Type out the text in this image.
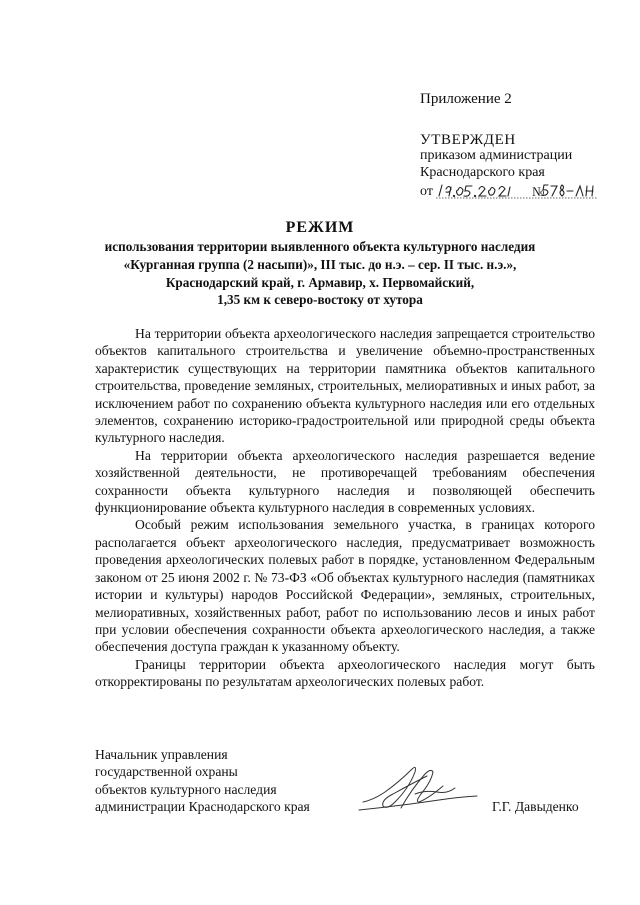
Приложение 2
УТВЕРЖДЕН
приказом администрации
Краснодарского края
от	№
РЕЖИМ
использования территории выявленного объекта культурного наследия
«Курганная группа (2 насыпи)», III тыс. до н.э. – сер. II тыс. н.э.»,
Краснодарский край, г. Армавир, х. Первомайский,
1,35 км к северо-востоку от хутора

На территории объекта археологического наследия запрещается строительство объектов капитального строительства и увеличение объемно-пространственных характеристик существующих на территории памятника объектов капитального строительства, проведение земляных, строительных, мелиоративных и иных работ, за исключением работ по сохранению объекта культурного наследия или его отдельных элементов, сохранению историко-градостроительной или природной среды объекта культурного наследия.

На территории объекта археологического наследия разрешается ведение хозяйственной деятельности, не противоречащей требованиям обеспечения сохранности объекта культурного наследия и позволяющей обеспечить функционирование объекта культурного наследия в современных условиях.

Особый режим использования земельного участка, в границах которого располагается объект археологического наследия, предусматривает возможность проведения археологических полевых работ в порядке, установленном Федеральным законом от 25 июня 2002 г. № 73-ФЗ «Об объектах культурного наследия (памятниках истории и культуры) народов Российской Федерации», земляных, строительных, мелиоративных, хозяйственных работ, работ по использованию лесов и иных работ при условии обеспечения сохранности объекта археологического наследия, а также обеспечения доступа граждан к указанному объекту.

Границы территории объекта археологического наследия могут быть откорректированы по результатам археологических полевых работ.

Начальник управления
государственной охраны
объектов культурного наследия
администрации Краснодарского края	Г.Г. Давыденко
